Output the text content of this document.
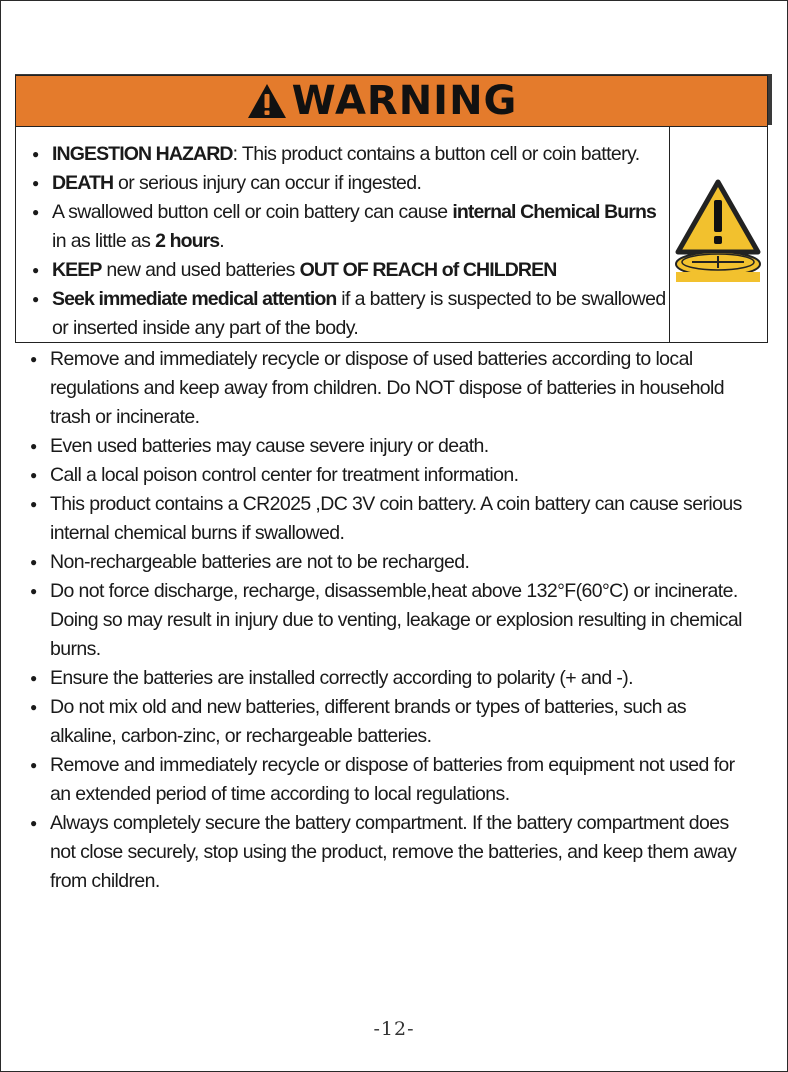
WARNING
● INGESTION HAZARD: This product contains a button cell or coin battery.
● DEATH or serious injury can occur if ingested.
● A swallowed button cell or coin battery can cause internal Chemical Burns in as little as 2 hours.
● KEEP new and used batteries OUT OF REACH of CHILDREN
● Seek immediate medical attention if a battery is suspected to be swallowed or inserted inside any part of the body.
● Remove and immediately recycle or dispose of used batteries according to local regulations and keep away from children. Do NOT dispose of batteries in household trash or incinerate.
● Even used batteries may cause severe injury or death.
● Call a local poison control center for treatment information.
● This product contains a CR2025 ,DC 3V coin battery. A coin battery can cause serious internal chemical burns if swallowed.
● Non-rechargeable batteries are not to be recharged.
● Do not force discharge, recharge, disassemble,heat above 132°F(60°C) or incinerate. Doing so may result in injury due to venting, leakage or explosion resulting in chemical burns.
● Ensure the batteries are installed correctly according to polarity (+ and -).
● Do not mix old and new batteries, different brands or types of batteries, such as alkaline, carbon-zinc, or rechargeable batteries.
● Remove and immediately recycle or dispose of batteries from equipment not used for an extended period of time according to local regulations.
● Always completely secure the battery compartment. If the battery compartment does not close securely, stop using the product, remove the batteries, and keep them away from children.
-12-
